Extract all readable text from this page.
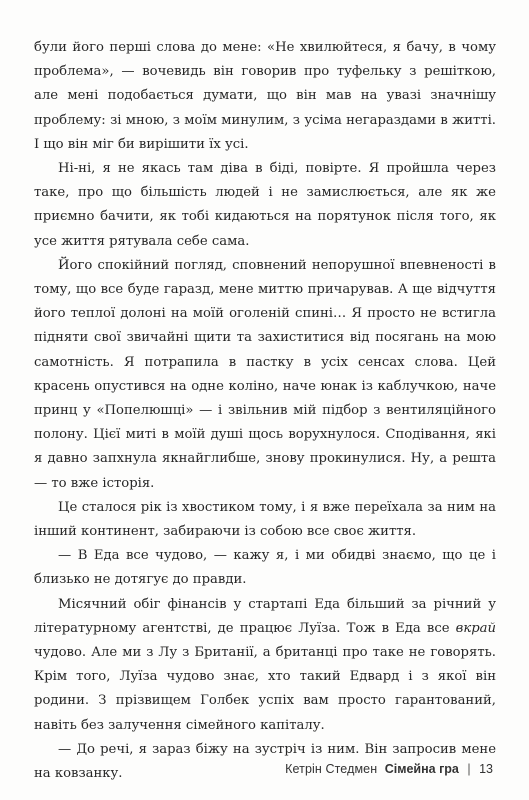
були його перші слова до мене: «Не хвилюйтеся, я бачу, в чому проблема», — вочевидь він говорив про туфельку з решіткою, але мені подобається думати, що він мав на увазі значнішу проблему: зі мною, з моїм минулим, з усіма негараздами в житті. І що він міг би вирішити їх усі.

Ні-ні, я не якась там діва в біді, повірте. Я пройшла через таке, про що більшість людей і не замислюється, але як же приємно бачити, як тобі кидаються на порятунок після того, як усе життя рятувала себе сама.

Його спокійний погляд, сповнений непорушної впевненості в тому, що все буде гаразд, мене миттю причарував. А ще відчуття його теплої долоні на моїй оголеній спині… Я просто не встигла підняти свої звичайні щити та захиститися від посягань на мою самотність. Я потрапила в пастку в усіх сенсах слова. Цей красень опустився на одне коліно, наче юнак із каблучкою, наче принц у «Попелюшці» — і звільнив мій підбор з вентиляційного полону. Цієї миті в моїй душі щось ворухнулося. Сподівання, які я давно запхнула якнайглибше, знову прокинулися. Ну, а решта — то вже історія.

Це сталося рік із хвостиком тому, і я вже переїхала за ним на інший континент, забираючи із собою все своє життя.

— В Еда все чудово, — кажу я, і ми обидві знаємо, що це і близько не дотягує до правди.

Місячний обіг фінансів у стартапі Еда більший за річний у літературному агентстві, де працює Луїза. Тож в Еда все вкрай чудово. Але ми з Лу з Британії, а британці про таке не говорять. Крім того, Луїза чудово знає, хто такий Едвард і з якої він родини. З прізвищем Голбек успіх вам просто гарантований, навіть без залучення сімейного капіталу.

— До речі, я зараз біжу на зустріч із ним. Він запросив мене на ковзанку.	Кетрін Стедмен Сімейна гра | 13
